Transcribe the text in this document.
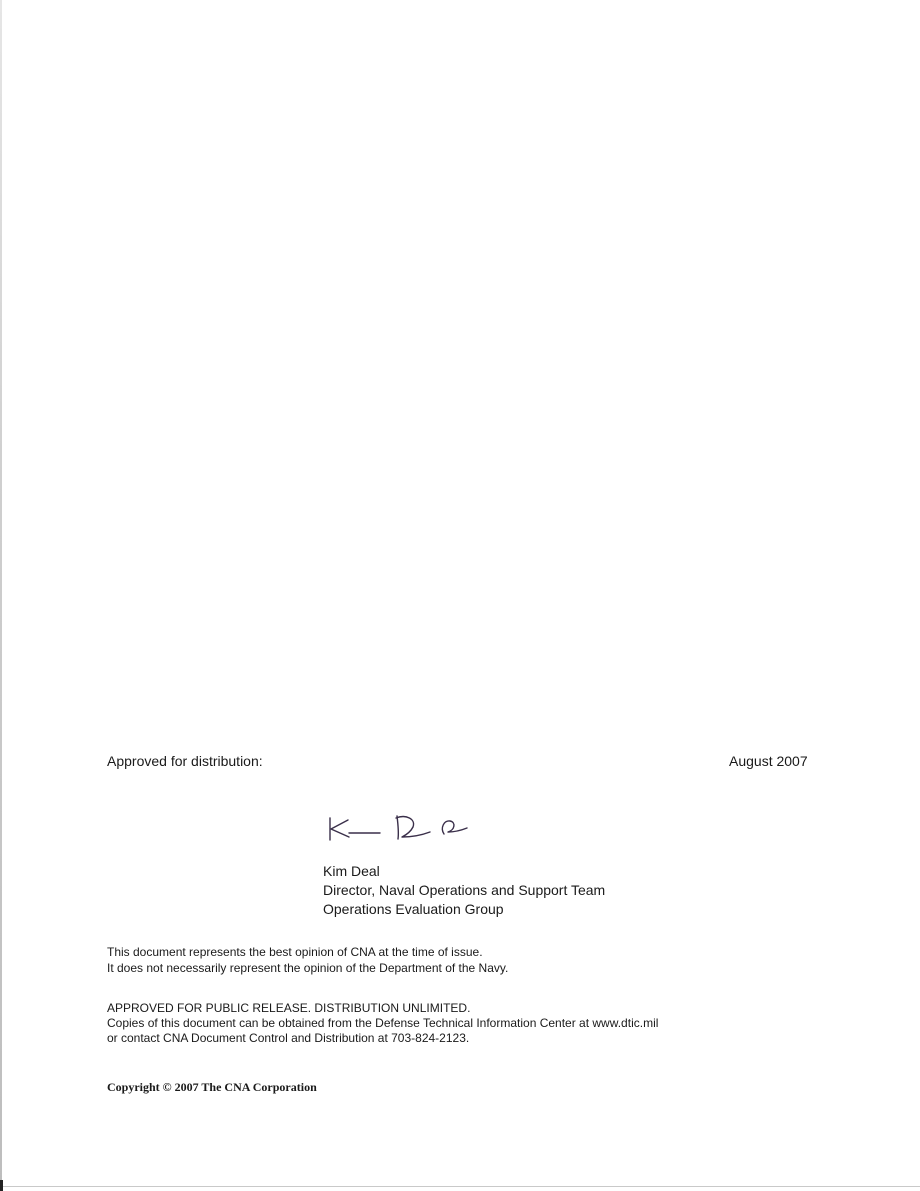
Approved for distribution:	August 2007
Kim Deal
Director, Naval Operations and Support Team
Operations Evaluation Group
This document represents the best opinion of CNA at the time of issue.
It does not necessarily represent the opinion of the Department of the Navy.
APPROVED FOR PUBLIC RELEASE. DISTRIBUTION UNLIMITED.
Copies of this document can be obtained from the Defense Technical Information Center at www.dtic.mil
or contact CNA Document Control and Distribution at 703-824-2123.
Copyright © 2007 The CNA Corporation
